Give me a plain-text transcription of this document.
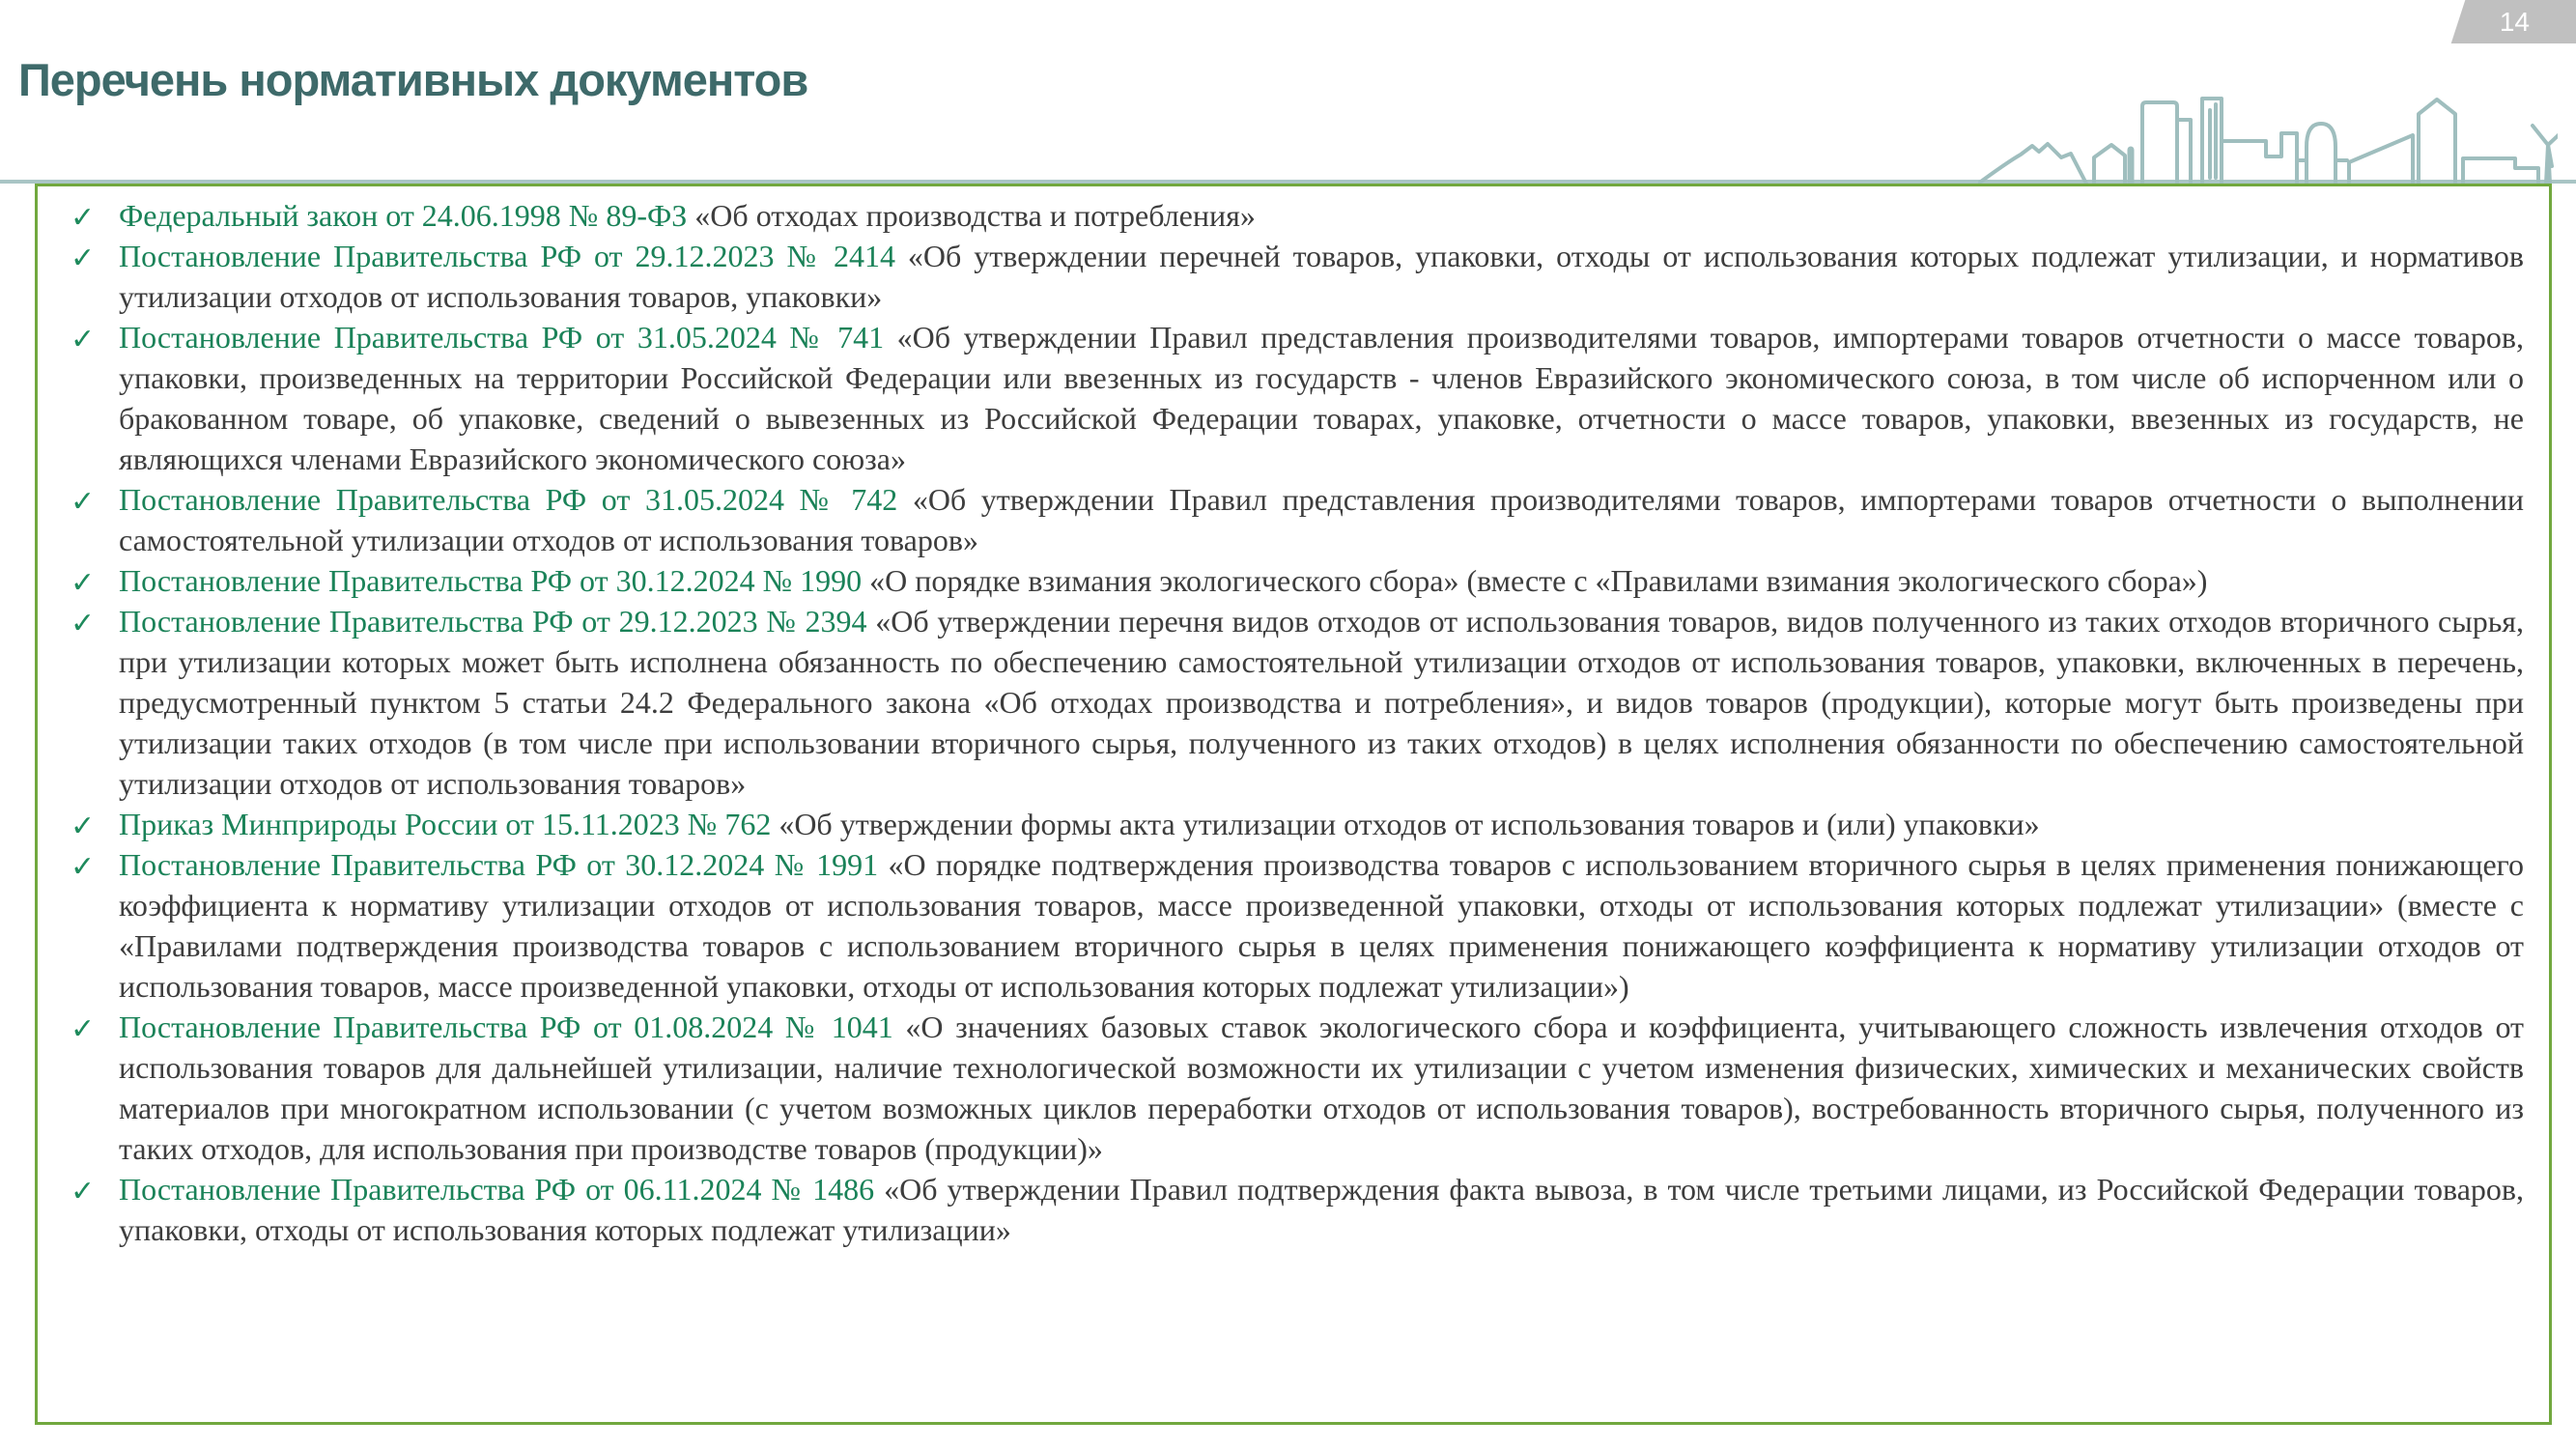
14
Перечень нормативных документов
✓ Федеральный закон от 24.06.1998 № 89-ФЗ «Об отходах производства и потребления»
✓ Постановление Правительства РФ от 29.12.2023 № 2414 «Об утверждении перечней товаров, упаковки, отходы от использования которых подлежат утилизации, и нормативов утилизации отходов от использования товаров, упаковки»
✓ Постановление Правительства РФ от 31.05.2024 № 741 «Об утверждении Правил представления производителями товаров, импортерами товаров отчетности о массе товаров, упаковки, произведенных на территории Российской Федерации или ввезенных из государств - членов Евразийского экономического союза, в том числе об испорченном или о бракованном товаре, об упаковке, сведений о вывезенных из Российской Федерации товарах, упаковке, отчетности о массе товаров, упаковки, ввезенных из государств, не являющихся членами Евразийского экономического союза»
✓ Постановление Правительства РФ от 31.05.2024 № 742 «Об утверждении Правил представления производителями товаров, импортерами товаров отчетности о выполнении самостоятельной утилизации отходов от использования товаров»
✓ Постановление Правительства РФ от 30.12.2024 № 1990 «О порядке взимания экологического сбора» (вместе с «Правилами взимания экологического сбора»)
✓ Постановление Правительства РФ от 29.12.2023 № 2394 «Об утверждении перечня видов отходов от использования товаров, видов полученного из таких отходов вторичного сырья, при утилизации которых может быть исполнена обязанность по обеспечению самостоятельной утилизации отходов от использования товаров, упаковки, включенных в перечень, предусмотренный пунктом 5 статьи 24.2 Федерального закона «Об отходах производства и потребления», и видов товаров (продукции), которые могут быть произведены при утилизации таких отходов (в том числе при использовании вторичного сырья, полученного из таких отходов) в целях исполнения обязанности по обеспечению самостоятельной утилизации отходов от использования товаров»
✓ Приказ Минприроды России от 15.11.2023 № 762 «Об утверждении формы акта утилизации отходов от использования товаров и (или) упаковки»
✓ Постановление Правительства РФ от 30.12.2024 № 1991 «О порядке подтверждения производства товаров с использованием вторичного сырья в целях применения понижающего коэффициента к нормативу утилизации отходов от использования товаров, массе произведенной упаковки, отходы от использования которых подлежат утилизации» (вместе с «Правилами подтверждения производства товаров с использованием вторичного сырья в целях применения понижающего коэффициента к нормативу утилизации отходов от использования товаров, массе произведенной упаковки, отходы от использования которых подлежат утилизации»)
✓ Постановление Правительства РФ от 01.08.2024 № 1041 «О значениях базовых ставок экологического сбора и коэффициента, учитывающего сложность извлечения отходов от использования товаров для дальнейшей утилизации, наличие технологической возможности их утилизации с учетом изменения физических, химических и механических свойств материалов при многократном использовании (с учетом возможных циклов переработки отходов от использования товаров), востребованность вторичного сырья, полученного из таких отходов, для использования при производстве товаров (продукции)»
✓ Постановление Правительства РФ от 06.11.2024 № 1486 «Об утверждении Правил подтверждения факта вывоза, в том числе третьими лицами, из Российской Федерации товаров, упаковки, отходы от использования которых подлежат утилизации»
